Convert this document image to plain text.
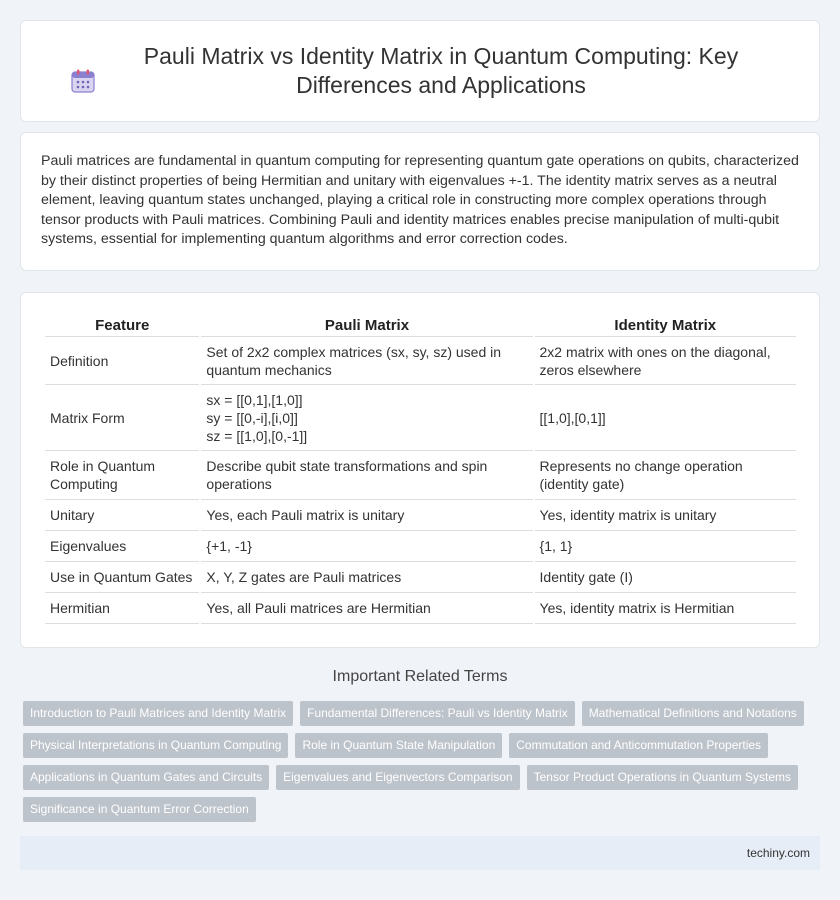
Pauli Matrix vs Identity Matrix in Quantum Computing: Key Differences and Applications

Pauli matrices are fundamental in quantum computing for representing quantum gate operations on qubits, characterized by their distinct properties of being Hermitian and unitary with eigenvalues +-1. The identity matrix serves as a neutral element, leaving quantum states unchanged, playing a critical role in constructing more complex operations through tensor products with Pauli matrices. Combining Pauli and identity matrices enables precise manipulation of multi-qubit systems, essential for implementing quantum algorithms and error correction codes.

Feature	Pauli Matrix	Identity Matrix
Definition	Set of 2x2 complex matrices (sx, sy, sz) used in quantum mechanics	2x2 matrix with ones on the diagonal, zeros elsewhere
Matrix Form	sx = [[0,1],[1,0]]
sy = [[0,-i],[i,0]]
sz = [[1,0],[0,-1]]	[[1,0],[0,1]]
Role in Quantum Computing	Describe qubit state transformations and spin operations	Represents no change operation (identity gate)
Unitary	Yes, each Pauli matrix is unitary	Yes, identity matrix is unitary
Eigenvalues	{+1, -1}	{1, 1}
Use in Quantum Gates	X, Y, Z gates are Pauli matrices	Identity gate (I)
Hermitian	Yes, all Pauli matrices are Hermitian	Yes, identity matrix is Hermitian
Important Related Terms
Introduction to Pauli Matrices and Identity Matrix	Fundamental Differences: Pauli vs Identity Matrix	Mathematical Definitions and Notations
Physical Interpretations in Quantum Computing	Role in Quantum State Manipulation	Commutation and Anticommutation Properties
Applications in Quantum Gates and Circuits	Eigenvalues and Eigenvectors Comparison	Tensor Product Operations in Quantum Systems
Significance in Quantum Error Correction
techiny.com
